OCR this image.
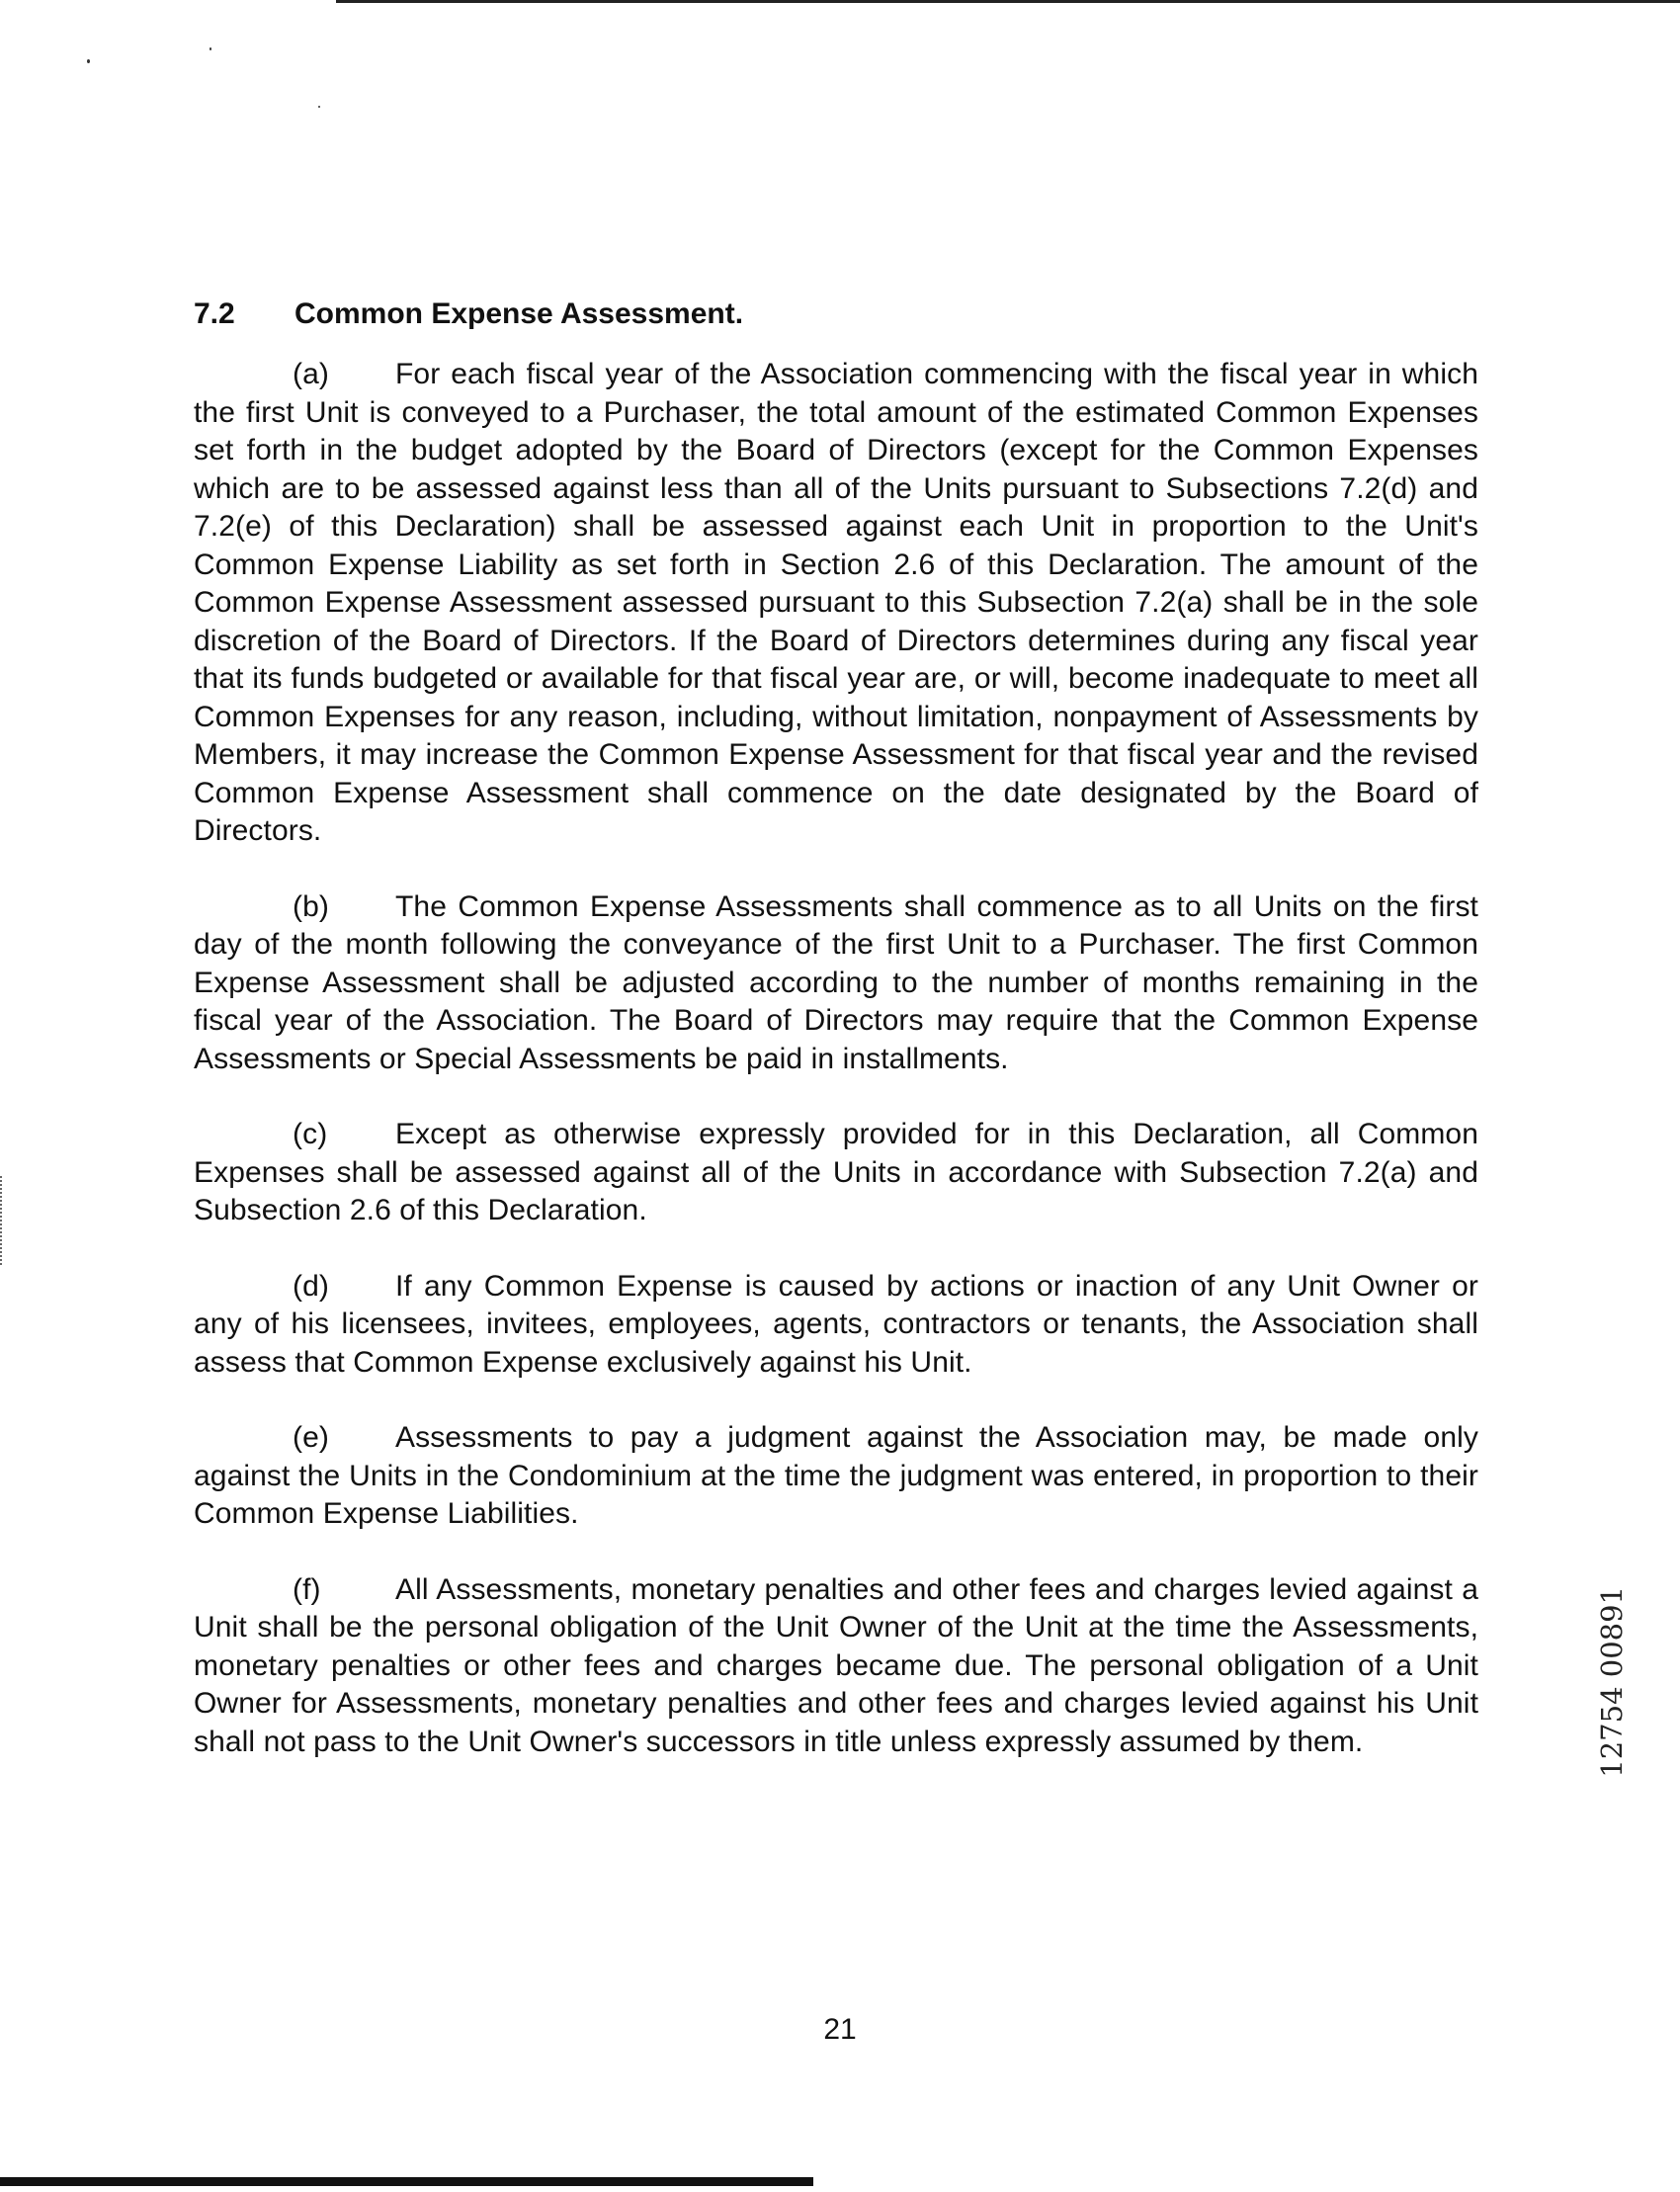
7.2	Common Expense Assessment.

(a) For each fiscal year of the Association commencing with the fiscal year in which the first Unit is conveyed to a Purchaser, the total amount of the estimated Common Expenses set forth in the budget adopted by the Board of Directors (except for the Common Expenses which are to be assessed against less than all of the Units pursuant to Subsections 7.2(d) and 7.2(e) of this Declaration) shall be assessed against each Unit in proportion to the Unit's Common Expense Liability as set forth in Section 2.6 of this Declaration. The amount of the Common Expense Assessment assessed pursuant to this Subsection 7.2(a) shall be in the sole discretion of the Board of Directors. If the Board of Directors determines during any fiscal year that its funds budgeted or available for that fiscal year are, or will, become inadequate to meet all Common Expenses for any reason, including, without limitation, nonpayment of Assessments by Members, it may increase the Common Expense Assessment for that fiscal year and the revised Common Expense Assessment shall commence on the date designated by the Board of Directors.

(b) The Common Expense Assessments shall commence as to all Units on the first day of the month following the conveyance of the first Unit to a Purchaser. The first Common Expense Assessment shall be adjusted according to the number of months remaining in the fiscal year of the Association. The Board of Directors may require that the Common Expense Assessments or Special Assessments be paid in installments.

(c) Except as otherwise expressly provided for in this Declaration, all Common Expenses shall be assessed against all of the Units in accordance with Subsection 7.2(a) and Subsection 2.6 of this Declaration.

(d) If any Common Expense is caused by actions or inaction of any Unit Owner or any of his licensees, invitees, employees, agents, contractors or tenants, the Association shall assess that Common Expense exclusively against his Unit.

(e) Assessments to pay a judgment against the Association may, be made only against the Units in the Condominium at the time the judgment was entered, in proportion to their Common Expense Liabilities.

(f)	All Assessments, monetary penalties and other fees and charges levied against a Unit shall be the personal obligation of the Unit Owner of the Unit at the time the Assessments, monetary penalties or other fees and charges became due. The personal obligation of a Unit Owner for Assessments, monetary penalties and other fees and charges levied against his Unit shall not pass to the Unit Owner's successors in title unless expressly assumed by them.	12754 00891
21
